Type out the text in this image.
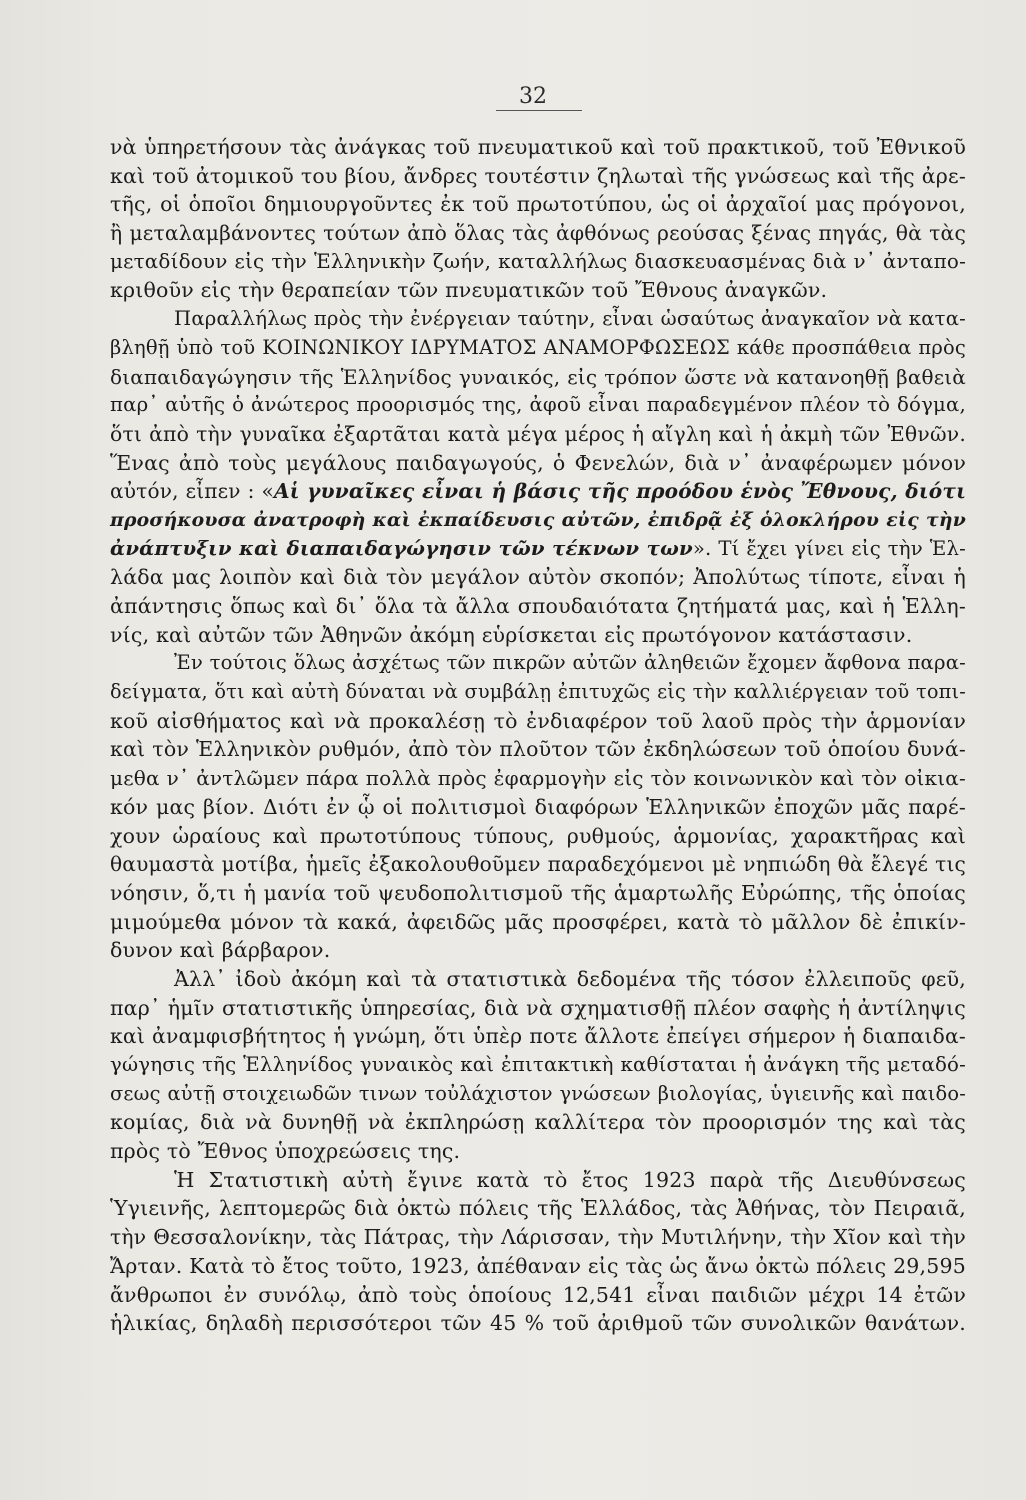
32
νὰ ὑπηρετήσουν τὰς ἀνάγκας τοῦ πνευματικοῦ καὶ τοῦ πρακτικοῦ, τοῦ Ἐθνικοῦ
καὶ τοῦ ἀτομικοῦ του βίου, ἄνδρες τουτέστιν ζηλωταὶ τῆς γνώσεως καὶ τῆς ἀρε-
τῆς, οἱ ὁποῖοι δημιουργοῦντες ἐκ τοῦ πρωτοτύπου, ὡς οἱ ἀρχαῖοί μας πρόγονοι,
ἢ μεταλαμβάνοντες τούτων ἀπὸ ὅλας τὰς ἀφθόνως ρεούσας ξένας πηγάς, θὰ τὰς
μεταδίδουν εἰς τὴν Ἑλληνικὴν ζωήν, καταλλήλως διασκευασμένας διὰ ν᾽ ἀνταπο-
κριθοῦν εἰς τὴν θεραπείαν τῶν πνευματικῶν τοῦ Ἔθνους ἀναγκῶν.
Παραλλήλως πρὸς τὴν ἐνέργειαν ταύτην, εἶναι ὡσαύτως ἀναγκαῖον νὰ κατα-
βληθῇ ὑπὸ τοῦ ΚΟΙΝΩΝΙΚΟΥ ΙΔΡΥΜΑΤΟΣ ΑΝΑΜΟΡΦΩΣΕΩΣ κάθε προσπάθεια πρὸς
διαπαιδαγώγησιν τῆς Ἑλληνίδος γυναικός, εἰς τρόπον ὥστε νὰ κατανοηθῇ βαθειὰ
παρ᾽ αὐτῆς ὁ ἀνώτερος προορισμός της, ἀφοῦ εἶναι παραδεγμένον πλέον τὸ δόγμα,
ὅτι ἀπὸ τὴν γυναῖκα ἐξαρτᾶται κατὰ μέγα μέρος ἡ αἴγλη καὶ ἡ ἀκμὴ τῶν Ἐθνῶν.
Ἕνας ἀπὸ τοὺς μεγάλους παιδαγωγούς, ὁ Φενελών, διὰ ν᾽ ἀναφέρωμεν μόνον
αὐτόν, εἶπεν : «Αἱ γυναῖκες εἶναι ἡ βάσις τῆς προόδου ἑνὸς Ἔθνους, διότι
προσήκουσα ἀνατροφὴ καὶ ἐκπαίδευσις αὐτῶν, ἐπιδρᾷ ἐξ ὁλοκλήρου εἰς τὴν
ἀνάπτυξιν καὶ διαπαιδαγώγησιν τῶν τέκνων των». Τί ἔχει γίνει εἰς τὴν Ἑλ-
λάδα μας λοιπὸν καὶ διὰ τὸν μεγάλον αὐτὸν σκοπόν; Ἀπολύτως τίποτε, εἶναι ἡ
ἀπάντησις ὅπως καὶ δι᾽ ὅλα τὰ ἄλλα σπουδαιότατα ζητήματά μας, καὶ ἡ Ἑλλη-
νίς, καὶ αὐτῶν τῶν Ἀθηνῶν ἀκόμη εὑρίσκεται εἰς πρωτόγονον κατάστασιν.
Ἐν τούτοις ὅλως ἀσχέτως τῶν πικρῶν αὐτῶν ἀληθειῶν ἔχομεν ἄφθονα παρα-
δείγματα, ὅτι καὶ αὐτὴ δύναται νὰ συμβάλῃ ἐπιτυχῶς εἰς τὴν καλλιέργειαν τοῦ τοπι-
κοῦ αἰσθήματος καὶ νὰ προκαλέσῃ τὸ ἐνδιαφέρον τοῦ λαοῦ πρὸς τὴν ἁρμονίαν
καὶ τὸν Ἑλληνικὸν ρυθμόν, ἀπὸ τὸν πλοῦτον τῶν ἐκδηλώσεων τοῦ ὁποίου δυνά-
μεθα ν᾽ ἀντλῶμεν πάρα πολλὰ πρὸς ἐφαρμογὴν εἰς τὸν κοινωνικὸν καὶ τὸν οἰκια-
κόν μας βίον. Διότι ἐν ᾧ οἱ πολιτισμοὶ διαφόρων Ἑλληνικῶν ἐποχῶν μᾶς παρέ-
χουν ὡραίους καὶ πρωτοτύπους τύπους, ρυθμούς, ἁρμονίας, χαρακτῆρας καὶ
θαυμαστὰ μοτίβα, ἡμεῖς ἐξακολουθοῦμεν παραδεχόμενοι μὲ νηπιώδη θὰ ἔλεγέ τις
νόησιν, ὅ,τι ἡ μανία τοῦ ψευδοπολιτισμοῦ τῆς ἁμαρτωλῆς Εὐρώπης, τῆς ὁποίας
μιμούμεθα μόνον τὰ κακά, ἀφειδῶς μᾶς προσφέρει, κατὰ τὸ μᾶλλον δὲ ἐπικίν-
δυνον καὶ βάρβαρον.
Ἀλλ᾽ ἰδοὺ ἀκόμη καὶ τὰ στατιστικὰ δεδομένα τῆς τόσον ἐλλειποῦς φεῦ,
παρ᾽ ἡμῖν στατιστικῆς ὑπηρεσίας, διὰ νὰ σχηματισθῇ πλέον σαφὴς ἡ ἀντίληψις
καὶ ἀναμφισβήτητος ἡ γνώμη, ὅτι ὑπὲρ ποτε ἄλλοτε ἐπείγει σήμερον ἡ διαπαιδα-
γώγησις τῆς Ἑλληνίδος γυναικὸς καὶ ἐπιτακτικὴ καθίσταται ἡ ἀνάγκη τῆς μεταδό-
σεως αὐτῇ στοιχειωδῶν τινων τοὐλάχιστον γνώσεων βιολογίας, ὑγιεινῆς καὶ παιδο-
κομίας, διὰ νὰ δυνηθῇ νὰ ἐκπληρώσῃ καλλίτερα τὸν προορισμόν της καὶ τὰς
πρὸς τὸ Ἔθνος ὑποχρεώσεις της.
Ἡ Στατιστικὴ αὐτὴ ἔγινε κατὰ τὸ ἔτος 1923 παρὰ τῆς Διευθύνσεως
Ὑγιεινῆς, λεπτομερῶς διὰ ὀκτὼ πόλεις τῆς Ἑλλάδος, τὰς Ἀθήνας, τὸν Πειραιᾶ,
τὴν Θεσσαλονίκην, τὰς Πάτρας, τὴν Λάρισσαν, τὴν Μυτιλήνην, τὴν Χῖον καὶ τὴν
Ἄρταν. Κατὰ τὸ ἔτος τοῦτο, 1923, ἀπέθαναν εἰς τὰς ὡς ἄνω ὀκτὼ πόλεις 29,595
ἄνθρωποι ἐν συνόλῳ, ἀπὸ τοὺς ὁποίους 12,541 εἶναι παιδιῶν μέχρι 14 ἐτῶν
ἡλικίας, δηλαδὴ περισσότεροι τῶν 45 % τοῦ ἀριθμοῦ τῶν συνολικῶν θανάτων.
